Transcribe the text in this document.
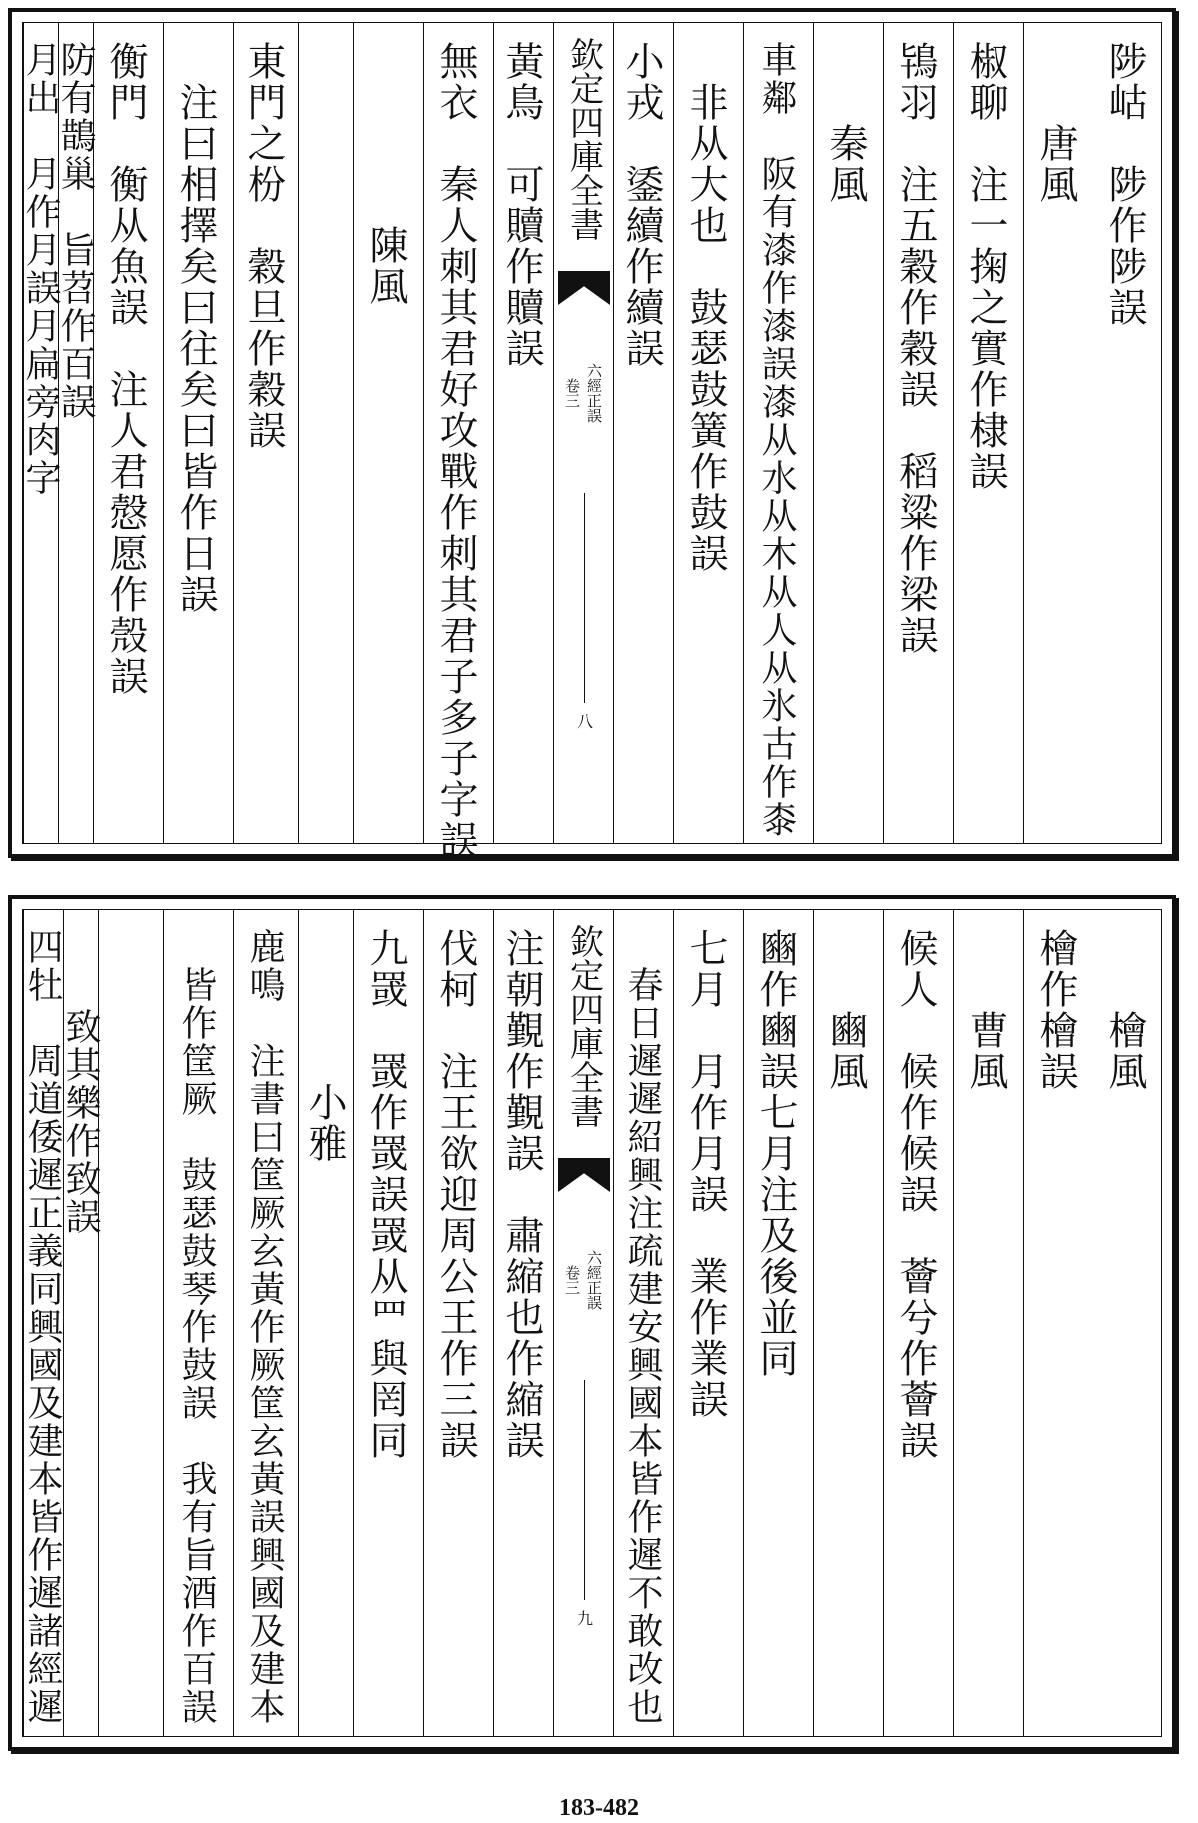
陟岵　陟作陟誤
　　唐風
椒聊　注一掬之實作棣誤
鴇羽　注五穀作穀誤　稻粱作梁誤
　　秦風
車鄰　阪有漆作漆誤漆从水从木从人从氷古作桼
　非从大也　鼓瑟鼓簧作鼓誤
小戎　鋈續作續誤
欽定四庫全書
六經正誤
卷三
八
黃鳥　可贖作贖誤
無衣　秦人刺其君好攻戰作刺其君子多子字誤
　　陳風
東門之枌　穀旦作穀誤
　注曰相擇矣曰往矣曰皆作日誤
衡門　衡从魚誤　注人君慤愿作殼誤
防有鵲巢　旨苕作百誤
月出　月作月誤月扁旁肉字
　　檜風
檜作檜誤
　　曹風
候人　候作候誤　薈兮作薈誤
　　豳風
豳作豳誤七月注及後並同
七月　月作月誤　業作業誤
　春日遲遲紹興注疏建安興國本皆作遲不敢改也
欽定四庫全書
六經正誤
卷三
九
注朝覲作覲誤　肅縮也作縮誤
伐柯　注王欲迎周公王作三誤
九罭　罭作罭誤罭从罒與罔同
　　小雅
鹿鳴　注書曰筐厥玄黃作厥筐玄黃誤興國及建本
　皆作筐厥　鼓瑟鼓琴作鼓誤　我有旨酒作百誤
　致其樂作致誤
四牡　周道倭遲正義同興國及建本皆作遲諸經遲
183-482
